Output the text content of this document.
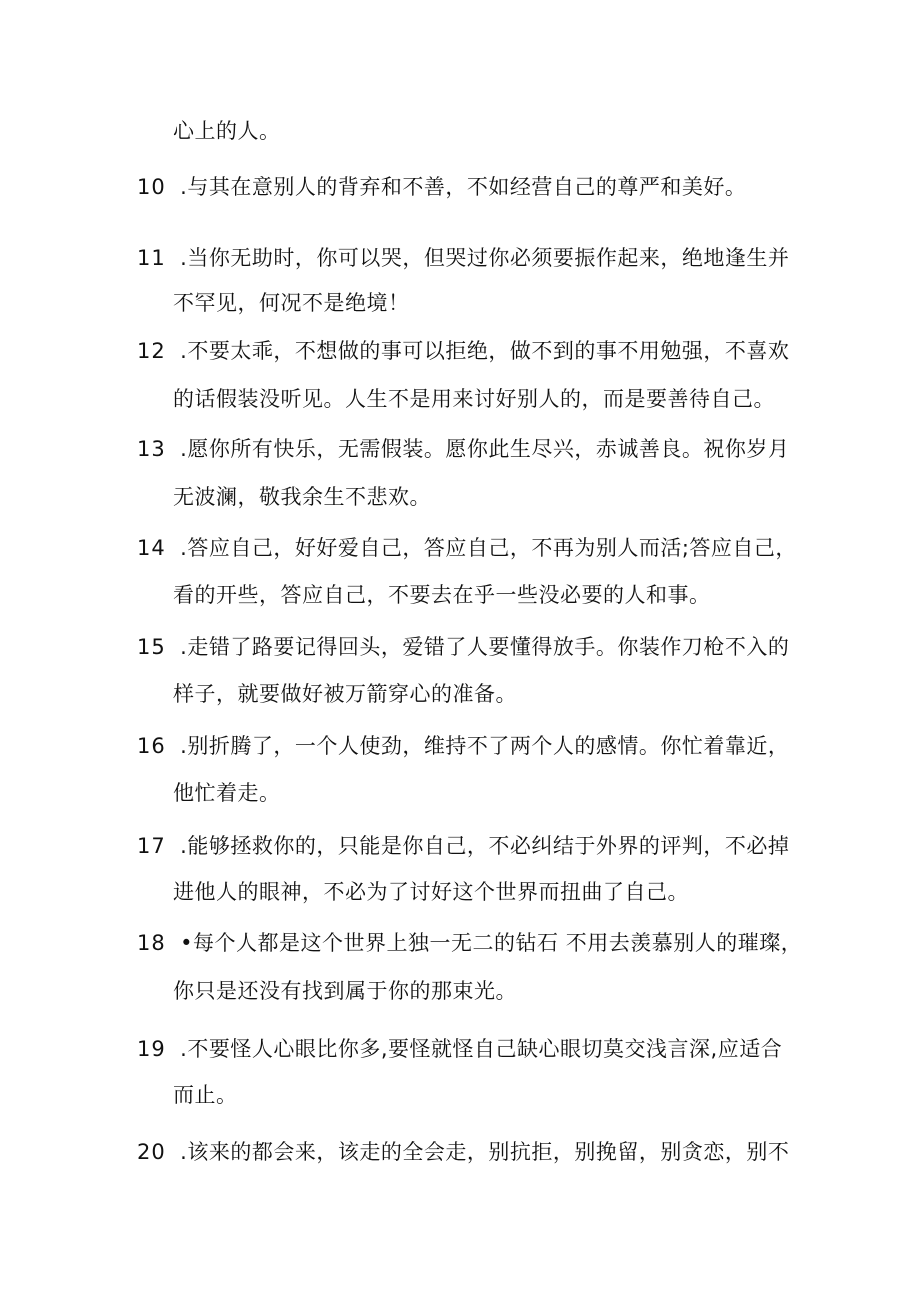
心上的人。
10 .与其在意别人的背弃和不善，不如经营自己的尊严和美好。
11 .当你无助时，你可以哭，但哭过你必须要振作起来，绝地逢生并
不罕见，何况不是绝境！
12 .不要太乖，不想做的事可以拒绝，做不到的事不用勉强，不喜欢
的话假装没听见。人生不是用来讨好别人的，而是要善待自己。
13 .愿你所有快乐，无需假装。愿你此生尽兴，赤诚善良。祝你岁月
无波澜，敬我余生不悲欢。
14 .答应自己，好好爱自己，答应自己，不再为别人而活;答应自己，
看的开些，答应自己，不要去在乎一些没必要的人和事。
15 .走错了路要记得回头，爱错了人要懂得放手。你装作刀枪不入的
样子，就要做好被万箭穿心的准备。
16 .别折腾了，一个人使劲，维持不了两个人的感情。你忙着靠近，
他忙着走。
17 .能够拯救你的，只能是你自己，不必纠结于外界的评判，不必掉
进他人的眼神，不必为了讨好这个世界而扭曲了自己。
18 •每个人都是这个世界上独一无二的钻石 不用去羡慕别人的璀璨，
你只是还没有找到属于你的那束光。
19 .不要怪人心眼比你多,要怪就怪自己缺心眼切莫交浅言深,应适合
而止。
20 .该来的都会来，该走的全会走，别抗拒，别挽留，别贪恋，别不
